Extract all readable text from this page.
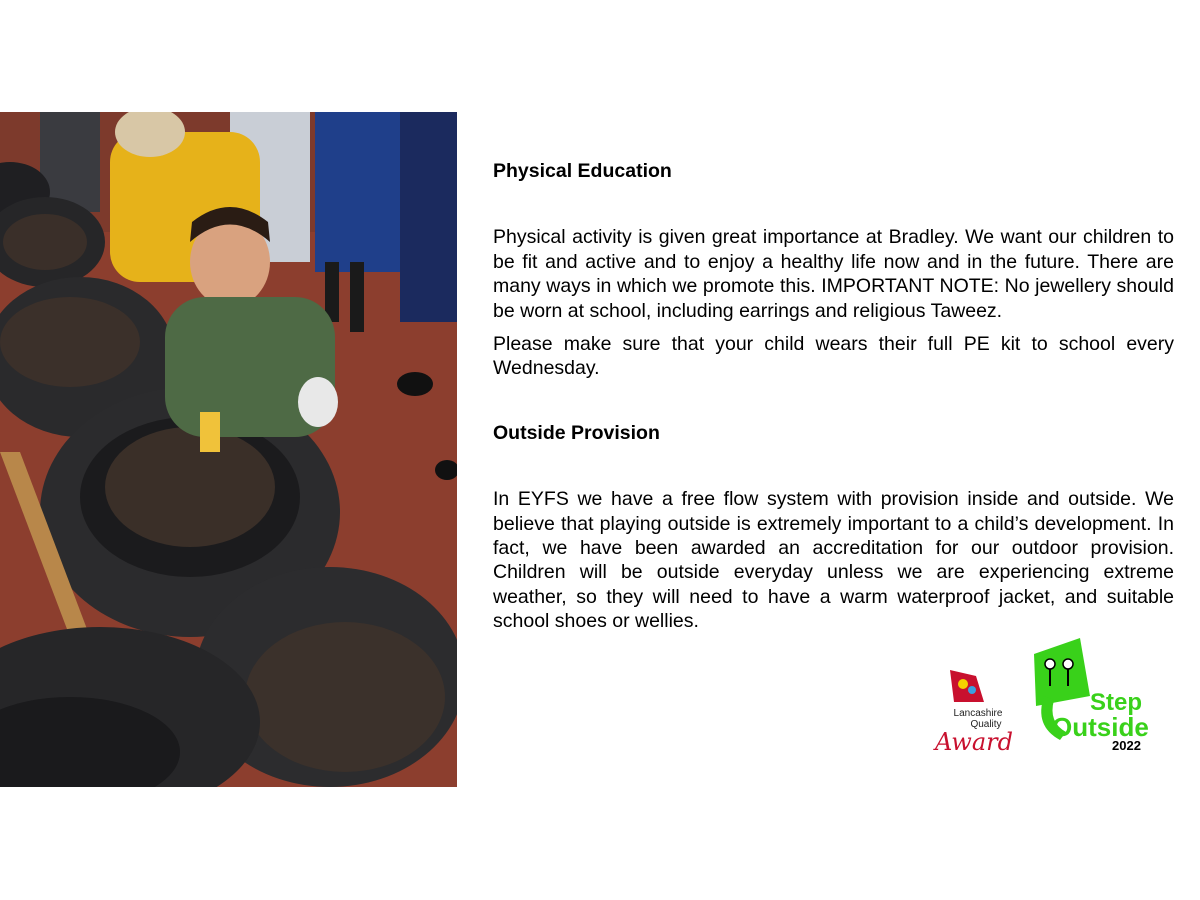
Physical Education

Physical activity is given great importance at Bradley. We want our children to be fit and active and to enjoy a healthy life now and in the future. There are many ways in which we promote this. IMPORTANT NOTE: No jewellery should be worn at school, including earrings and religious Taweez.

Please make sure that your child wears their full PE kit to school every Wednesday.

Outside Provision

In EYFS we have a free flow system with provision inside and outside. We believe that playing outside is extremely important to a child’s development. In fact, we have been awarded an accreditation for our outdoor provision. Children will be outside everyday unless we are experiencing extreme weather, so they will need to have a warm waterproof jacket, and suitable school shoes or wellies.

Lancashire
Quality
Award
Step
Outside
2022
